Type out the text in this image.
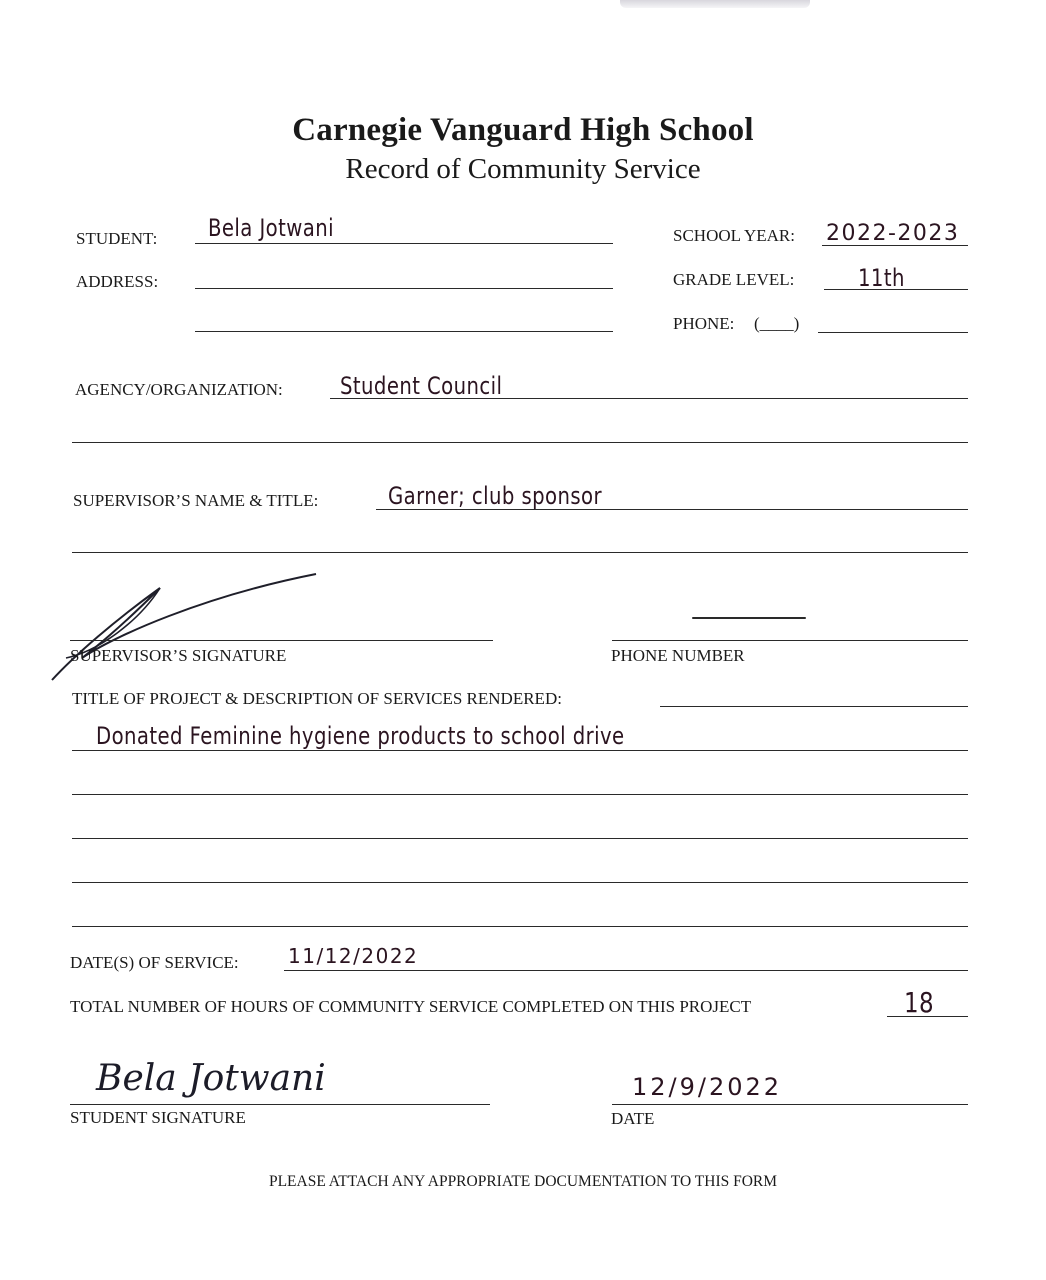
Carnegie Vanguard High School
Record of Community Service
STUDENT: Bela Jotwani
ADDRESS:
SCHOOL YEAR: 2022-2023
GRADE LEVEL:	11th
PHONE: (____)
AGENCY/ORGANIZATION: Student Council
SUPERVISOR’S NAME & TITLE:	Garner; club sponsor
SUPERVISOR’S SIGNATURE	PHONE NUMBER
TITLE OF PROJECT & DESCRIPTION OF SERVICES RENDERED:
Donated Feminine hygiene products to school drive
DATE(S) OF SERVICE: 11/12/2022
TOTAL NUMBER OF HOURS OF COMMUNITY SERVICE COMPLETED ON THIS PROJECT	18
Bela Jotwani
STUDENT SIGNATURE
12/9/2022
DATE
PLEASE ATTACH ANY APPROPRIATE DOCUMENTATION TO THIS FORM
